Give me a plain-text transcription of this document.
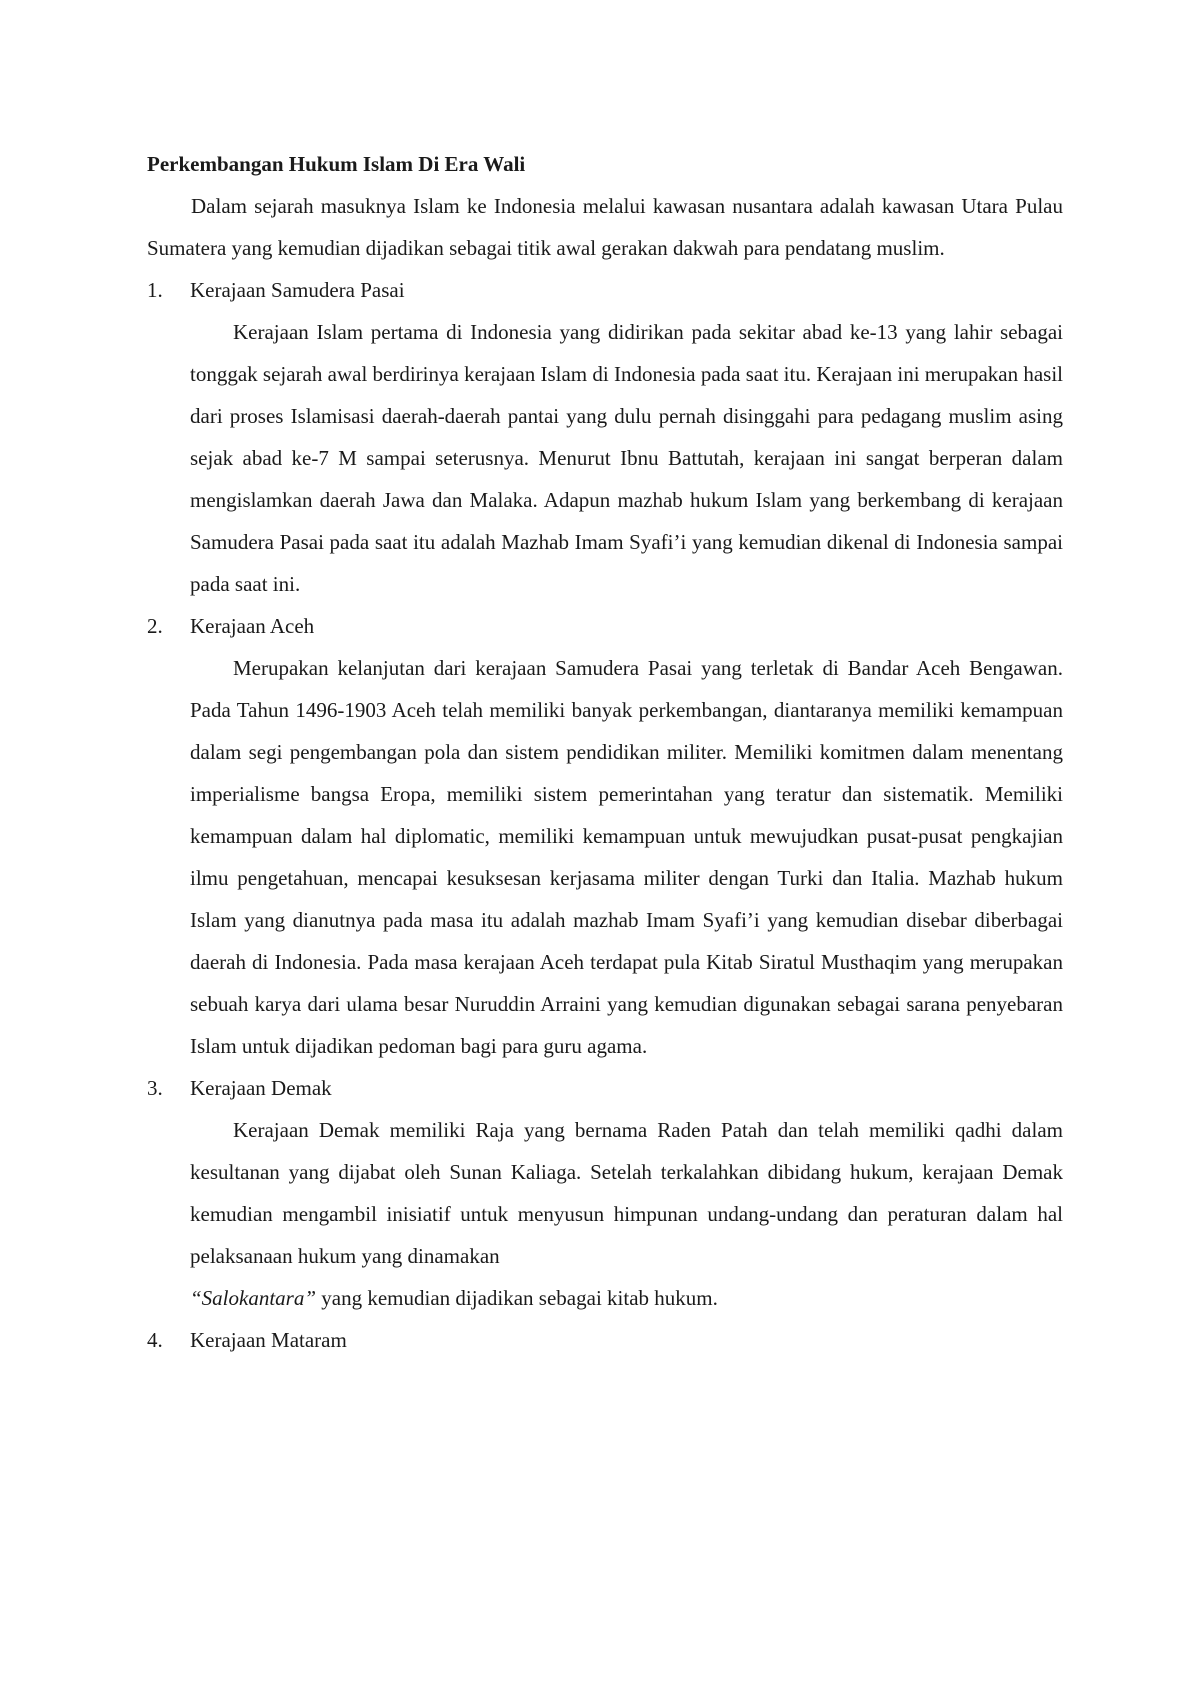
Perkembangan Hukum Islam Di Era Wali

Dalam sejarah masuknya Islam ke Indonesia melalui kawasan nusantara adalah kawasan Utara Pulau Sumatera yang kemudian dijadikan sebagai titik awal gerakan dakwah para pendatang muslim.

1. Kerajaan Samudera Pasai

Kerajaan Islam pertama di Indonesia yang didirikan pada sekitar abad ke-13 yang lahir sebagai tonggak sejarah awal berdirinya kerajaan Islam di Indonesia pada saat itu. Kerajaan ini merupakan hasil dari proses Islamisasi daerah-daerah pantai yang dulu pernah disinggahi para pedagang muslim asing sejak abad ke-7 M sampai seterusnya. Menurut Ibnu Battutah, kerajaan ini sangat berperan dalam mengislamkan daerah Jawa dan Malaka. Adapun mazhab hukum Islam yang berkembang di kerajaan Samudera Pasai pada saat itu adalah Mazhab Imam Syafi’i yang kemudian dikenal di Indonesia sampai pada saat ini.

2. Kerajaan Aceh

Merupakan kelanjutan dari kerajaan Samudera Pasai yang terletak di Bandar Aceh Bengawan. Pada Tahun 1496-1903 Aceh telah memiliki banyak perkembangan, diantaranya memiliki kemampuan dalam segi pengembangan pola dan sistem pendidikan militer. Memiliki komitmen dalam menentang imperialisme bangsa Eropa, memiliki sistem pemerintahan yang teratur dan sistematik. Memiliki kemampuan dalam hal diplomatic, memiliki kemampuan untuk mewujudkan pusat-pusat pengkajian ilmu pengetahuan, mencapai kesuksesan kerjasama militer dengan Turki dan Italia. Mazhab hukum Islam yang dianutnya pada masa itu adalah mazhab Imam Syafi’i yang kemudian disebar diberbagai daerah di Indonesia. Pada masa kerajaan Aceh terdapat pula Kitab Siratul Musthaqim yang merupakan sebuah karya dari ulama besar Nuruddin Arraini yang kemudian digunakan sebagai sarana penyebaran Islam untuk dijadikan pedoman bagi para guru agama.

3. Kerajaan Demak

Kerajaan Demak memiliki Raja yang bernama Raden Patah dan telah memiliki qadhi dalam kesultanan yang dijabat oleh Sunan Kaliaga. Setelah terkalahkan dibidang hukum, kerajaan Demak kemudian mengambil inisiatif untuk menyusun himpunan undang-undang dan peraturan dalam hal pelaksanaan hukum yang dinamakan
“Salokantara” yang kemudian dijadikan sebagai kitab hukum.

4. Kerajaan Mataram
